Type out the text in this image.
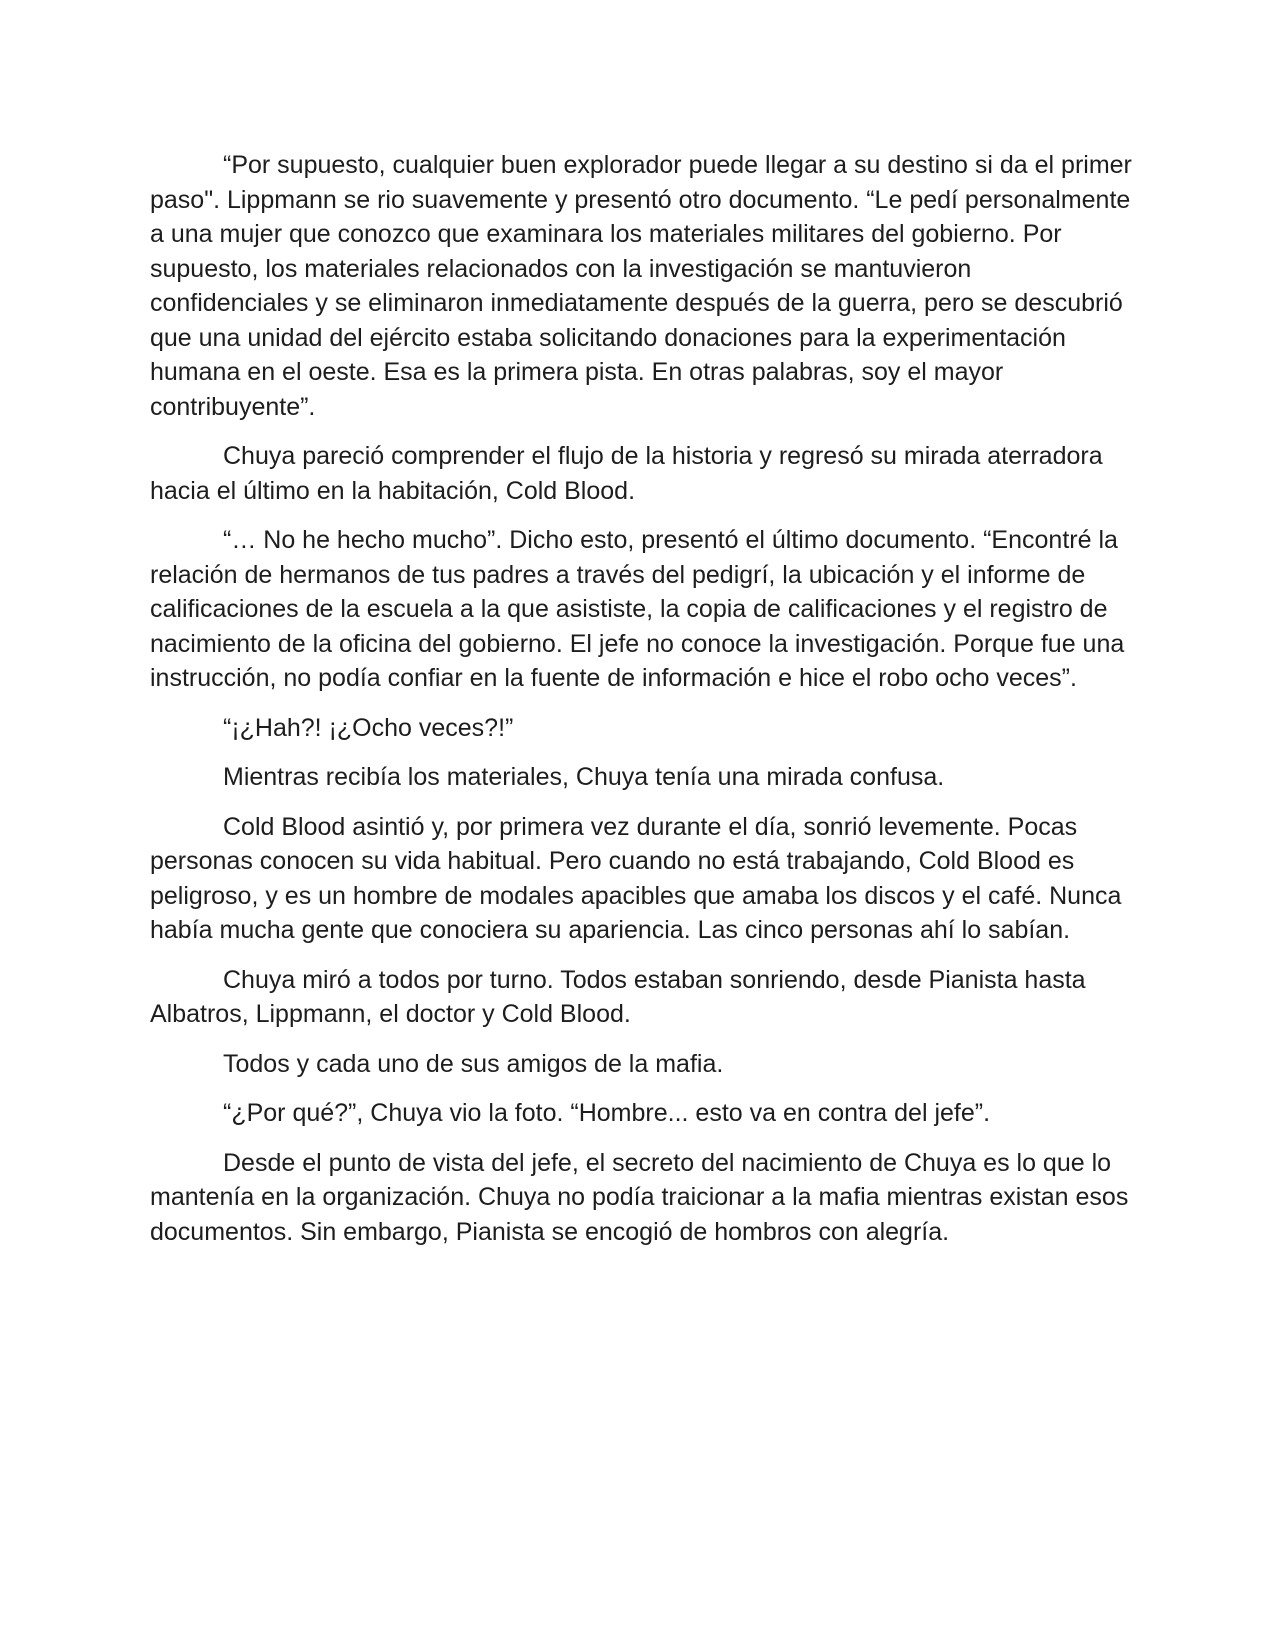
“Por supuesto, cualquier buen explorador puede llegar a su destino si da el primer paso". Lippmann se rio suavemente y presentó otro documento. “Le pedí personalmente a una mujer que conozco que examinara los materiales militares del gobierno. Por supuesto, los materiales relacionados con la investigación se mantuvieron confidenciales y se eliminaron inmediatamente después de la guerra, pero se descubrió que una unidad del ejército estaba solicitando donaciones para la experimentación humana en el oeste. Esa es la primera pista. En otras palabras, soy el mayor contribuyente”.

Chuya pareció comprender el flujo de la historia y regresó su mirada aterradora hacia el último en la habitación, Cold Blood.

“… No he hecho mucho”. Dicho esto, presentó el último documento. “Encontré la relación de hermanos de tus padres a través del pedigrí, la ubicación y el informe de calificaciones de la escuela a la que asististe, la copia de calificaciones y el registro de nacimiento de la oficina del gobierno. El jefe no conoce la investigación. Porque fue una instrucción, no podía confiar en la fuente de información e hice el robo ocho veces”.

“¡¿Hah?! ¡¿Ocho veces?!”

Mientras recibía los materiales, Chuya tenía una mirada confusa.

Cold Blood asintió y, por primera vez durante el día, sonrió levemente. Pocas personas conocen su vida habitual. Pero cuando no está trabajando, Cold Blood es peligroso, y es un hombre de modales apacibles que amaba los discos y el café. Nunca había mucha gente que conociera su apariencia. Las cinco personas ahí lo sabían.

Chuya miró a todos por turno. Todos estaban sonriendo, desde Pianista hasta Albatros, Lippmann, el doctor y Cold Blood.

Todos y cada uno de sus amigos de la mafia.

“¿Por qué?”, Chuya vio la foto. “Hombre... esto va en contra del jefe”.

Desde el punto de vista del jefe, el secreto del nacimiento de Chuya es lo que lo mantenía en la organización. Chuya no podía traicionar a la mafia mientras existan esos documentos. Sin embargo, Pianista se encogió de hombros con alegría.
